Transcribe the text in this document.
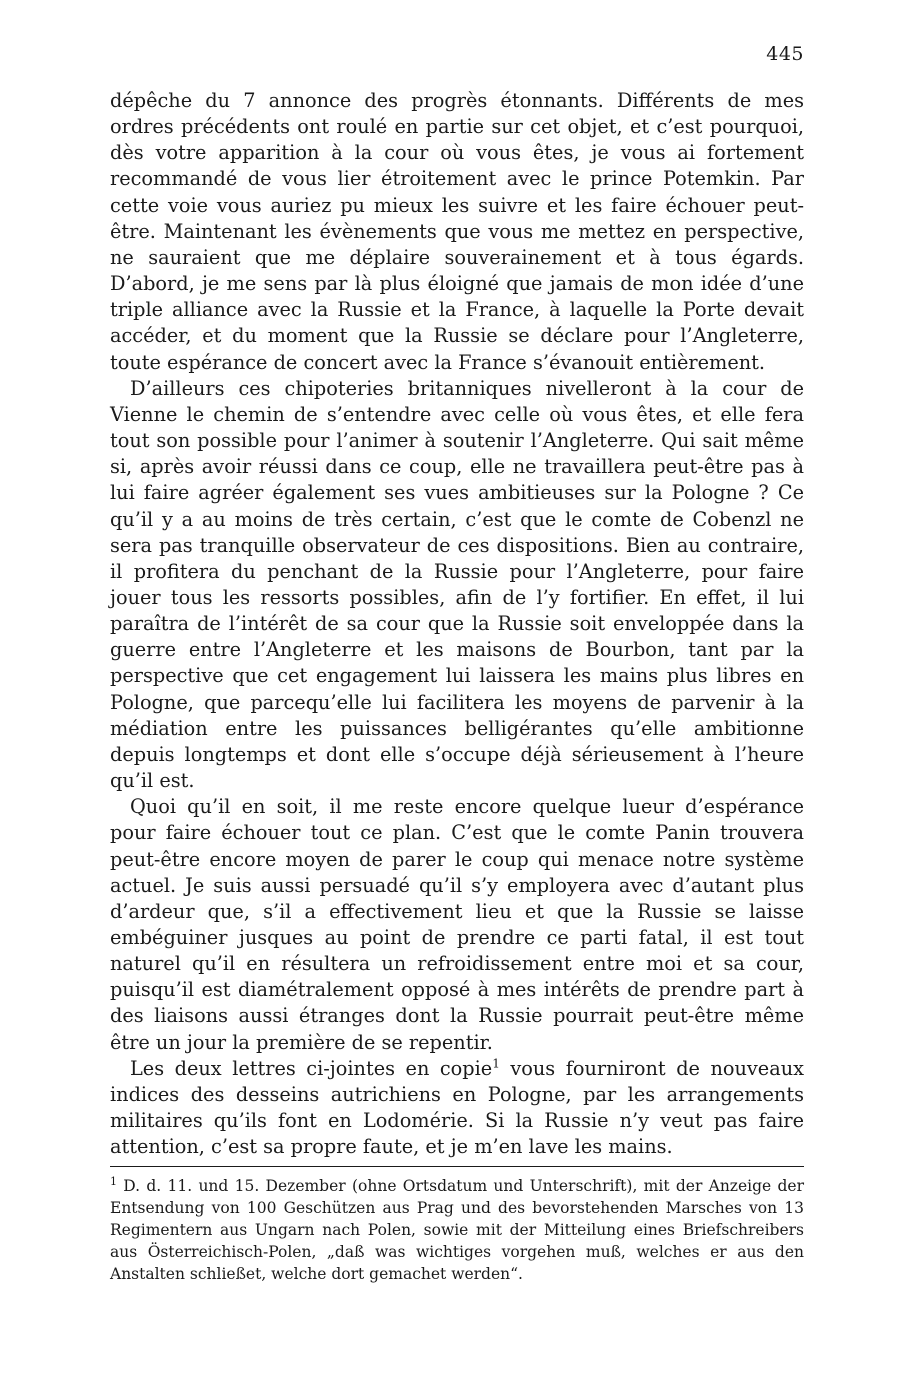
445

dépêche du 7 annonce des progrès étonnants. Différents de mes ordres précédents ont roulé en partie sur cet objet, et c’est pourquoi, dès votre apparition à la cour où vous êtes, je vous ai fortement recommandé de vous lier étroitement avec le prince Potemkin. Par cette voie vous auriez pu mieux les suivre et les faire échouer peut-être. Maintenant les évènements que vous me mettez en perspective, ne sauraient que me déplaire souverainement et à tous égards. D’abord, je me sens par là plus éloigné que jamais de mon idée d’une triple alliance avec la Russie et la France, à laquelle la Porte devait accéder, et du moment que la Russie se déclare pour l’Angleterre, toute espérance de concert avec la France s’évanouit entièrement.

D’ailleurs ces chipoteries britanniques nivelleront à la cour de Vienne le chemin de s’entendre avec celle où vous êtes, et elle fera tout son possible pour l’animer à soutenir l’Angleterre. Qui sait même si, après avoir réussi dans ce coup, elle ne travaillera peut-être pas à lui faire agréer également ses vues ambitieuses sur la Pologne ? Ce qu’il y a au moins de très certain, c’est que le comte de Cobenzl ne sera pas tranquille observateur de ces dispositions. Bien au contraire, il profitera du penchant de la Russie pour l’Angleterre, pour faire jouer tous les ressorts possibles, afin de l’y fortifier. En effet, il lui paraîtra de l’intérêt de sa cour que la Russie soit enveloppée dans la guerre entre l’Angleterre et les maisons de Bourbon, tant par la perspective que cet engagement lui laissera les mains plus libres en Pologne, que parcequ’elle lui facilitera les moyens de parvenir à la médiation entre les puissances belligérantes qu’elle ambitionne depuis longtemps et dont elle s’occupe déjà sérieusement à l’heure qu’il est.

Quoi qu’il en soit, il me reste encore quelque lueur d’espérance pour faire échouer tout ce plan. C’est que le comte Panin trouvera peut-être encore moyen de parer le coup qui menace notre système actuel. Je suis aussi persuadé qu’il s’y employera avec d’autant plus d’ardeur que, s’il a effectivement lieu et que la Russie se laisse embéguiner jusques au point de prendre ce parti fatal, il est tout naturel qu’il en résultera un refroidissement entre moi et sa cour, puisqu’il est diamétralement opposé à mes intérêts de prendre part à des liaisons aussi étranges dont la Russie pourrait peut-être même être un jour la première de se repentir.

Les deux lettres ci-jointes en copie$^1$ vous fourniront de nouveaux indices des desseins autrichiens en Pologne, par les arrangements militaires qu’ils font en Lodomérie. Si la Russie n’y veut pas faire attention, c’est sa propre faute, et je m’en lave les mains.

$^1$ D. d. 11. und 15. Dezember (ohne Ortsdatum und Unterschrift), mit der Anzeige der Entsendung von 100 Geschützen aus Prag und des bevorstehenden Marsches von 13 Regimentern aus Ungarn nach Polen, sowie mit der Mitteilung eines Briefschreibers aus Österreichisch-Polen, „daß was wichtiges vorgehen muß, welches er aus den Anstalten schließet, welche dort gemachet werden“.
